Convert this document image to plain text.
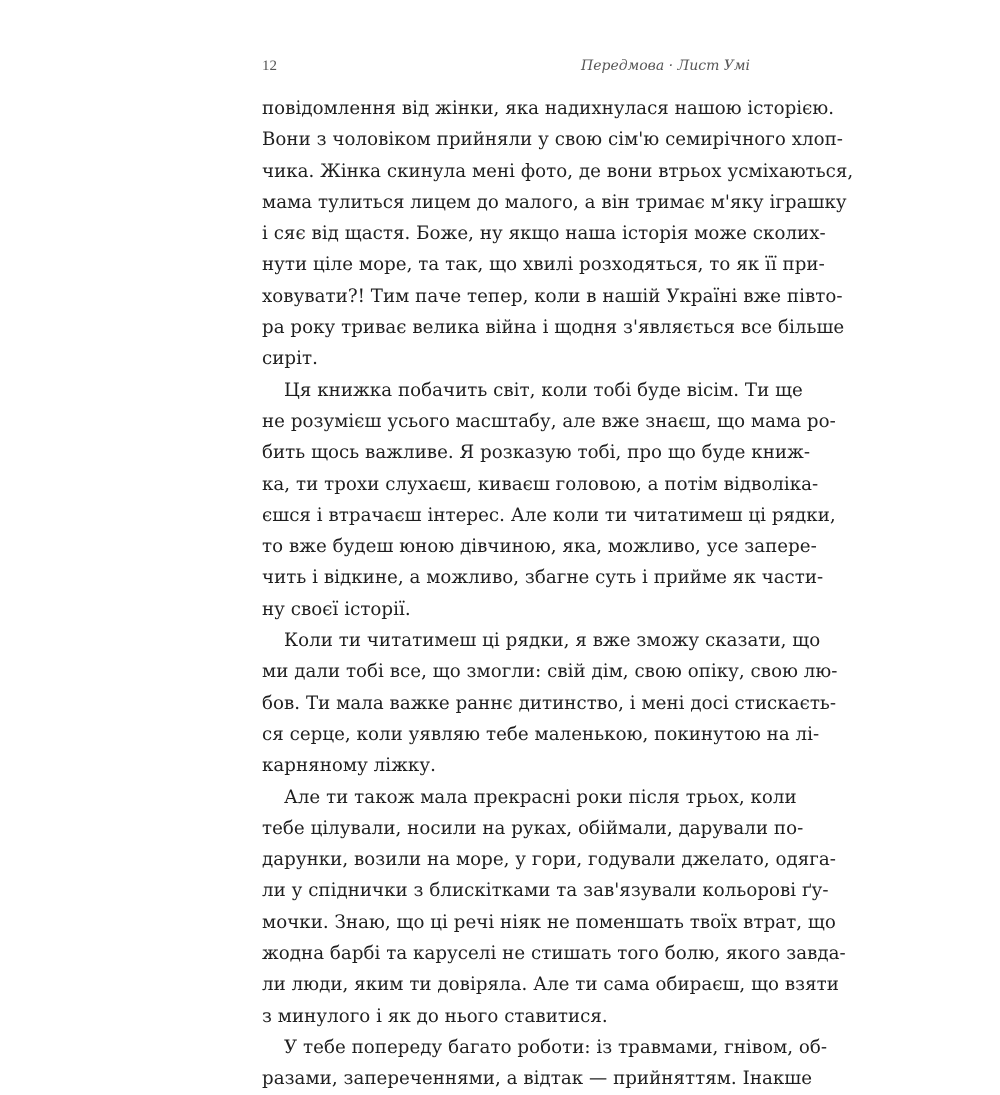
12	Передмова · Лист Умі
повідомлення від жінки, яка надихнулася нашою історією.
Вони з чоловіком прийняли у свою сім'ю семирічного хлоп-
чика. Жінка скинула мені фото, де вони втрьох усміхаються,
мама тулиться лицем до малого, а він тримає м'яку іграшку
і сяє від щастя. Боже, ну якщо наша історія може сколих-
нути ціле море, та так, що хвилі розходяться, то як її при-
ховувати?! Тим паче тепер, коли в нашій Україні вже півто-
ра року триває велика війна і щодня з'являється все більше
сиріт.
Ця книжка побачить світ, коли тобі буде вісім. Ти ще
не розумієш усього масштабу, але вже знаєш, що мама ро-
бить щось важливе. Я розказую тобі, про що буде книж-
ка, ти трохи слухаєш, киваєш головою, а потім відволіка-
єшся і втрачаєш інтерес. Але коли ти читатимеш ці рядки,
то вже будеш юною дівчиною, яка, можливо, усе запере-
чить і відкине, а можливо, збагне суть і прийме як части-
ну своєї історії.
Коли ти читатимеш ці рядки, я вже зможу сказати, що
ми дали тобі все, що змогли: свій дім, свою опіку, свою лю-
бов. Ти мала важке раннє дитинство, і мені досі стискаєть-
ся серце, коли уявляю тебе маленькою, покинутою на лі-
карняному ліжку.
Але ти також мала прекрасні роки після трьох, коли
тебе цілували, носили на руках, обіймали, дарували по-
дарунки, возили на море, у гори, годували джелато, одяга-
ли у спіднички з блискітками та зав'язували кольорові ґу-
мочки. Знаю, що ці речі ніяк не поменшать твоїх втрат, що
жодна барбі та каруселі не стишать того болю, якого завда-
ли люди, яким ти довіряла. Але ти сама обираєш, що взяти
з минулого і як до нього ставитися.
У тебе попереду багато роботи: із травмами, гнівом, об-
разами, запереченнями, а відтак — прийняттям. Інакше
